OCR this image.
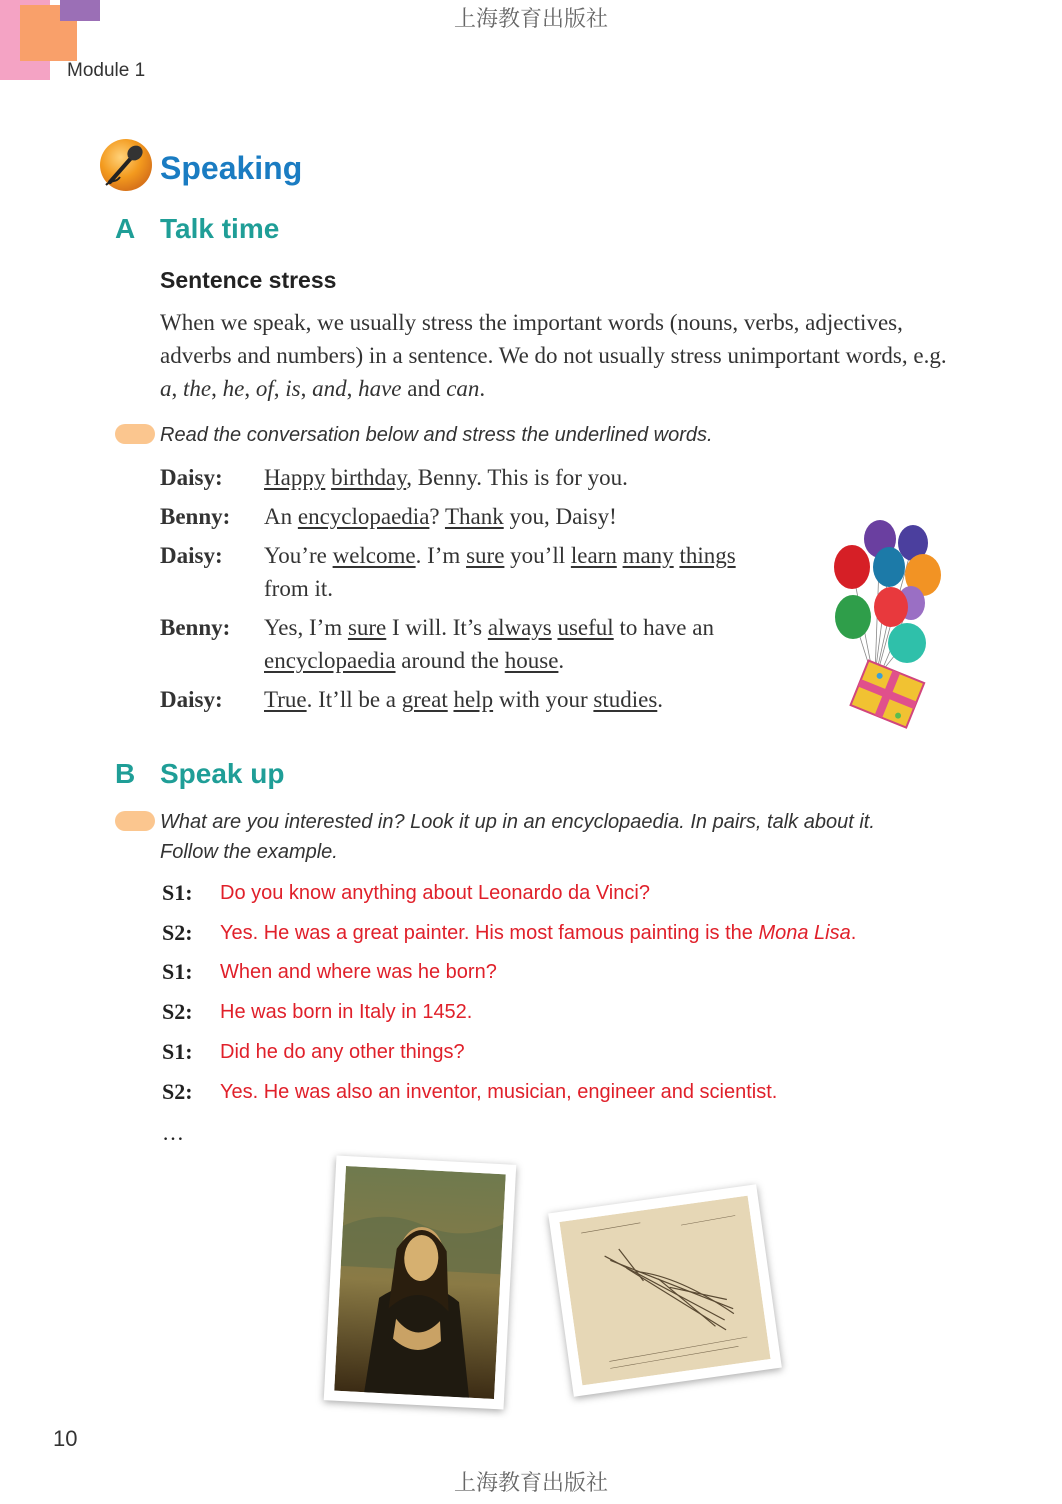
上海教育出版社
Module 1
Speaking
A Talk time
Sentence stress
When we speak, we usually stress the important words (nouns, verbs, adjectives, adverbs and numbers) in a sentence. We do not usually stress unimportant words, e.g. a, the, he, of, is, and, have and can.
Read the conversation below and stress the underlined words.
Daisy: Happy birthday, Benny. This is for you.
Benny: An encyclopaedia? Thank you, Daisy!
Daisy: You’re welcome. I’m sure you’ll learn many things
from it.
Benny: Yes, I’m sure I will. It’s always useful to have an
encyclopaedia around the house.
Daisy: True. It’ll be a great help with your studies.
B Speak up
What are you interested in? Look it up in an encyclopaedia. In pairs, talk about it.
Follow the example.
S1: Do you know anything about Leonardo da Vinci?
S2: Yes. He was a great painter. His most famous painting is the Mona Lisa.
S1: When and where was he born?
S2: He was born in Italy in 1452.
S1: Did he do any other things?
S2: Yes. He was also an inventor, musician, engineer and scientist.
…
10
上海教育出版社
